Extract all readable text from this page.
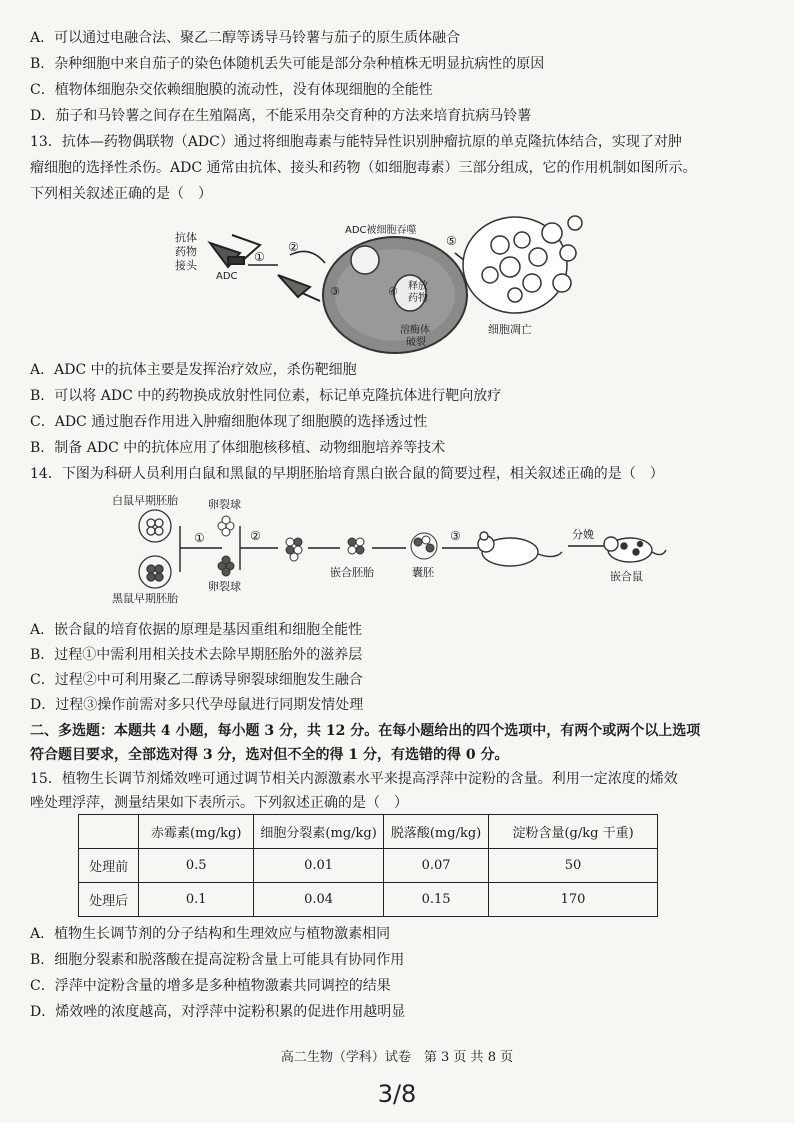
A．可以通过电融合法、聚乙二醇等诱导马铃薯与茄子的原生质体融合
B．杂种细胞中来自茄子的染色体随机丢失可能是部分杂种植株无明显抗病性的原因
C．植物体细胞杂交依赖细胞膜的流动性，没有体现细胞的全能性
D．茄子和马铃薯之间存在生殖隔离，不能采用杂交育种的方法来培育抗病马铃薯
13．抗体—药物偶联物（ADC）通过将细胞毒素与能特异性识别肿瘤抗原的单克隆抗体结合，实现了对肿
瘤细胞的选择性杀伤。ADC 通常由抗体、接头和药物（如细胞毒素）三部分组成，它的作用机制如图所示。
下列相关叙述正确的是（　）
抗体
药物
接头
ADC
①
②
③	④ 释放
药物
溶酶体
破裂
ADC被细胞吞噬
⑤
细胞凋亡
A．ADC 中的抗体主要是发挥治疗效应，杀伤靶细胞
B．可以将 ADC 中的药物换成放射性同位素，标记单克隆抗体进行靶向放疗
C．ADC 通过胞吞作用进入肿瘤细胞体现了细胞膜的选择透过性
B．制备 ADC 中的抗体应用了体细胞核移植、动物细胞培养等技术
14．下图为科研人员利用白鼠和黑鼠的早期胚胎培育黑白嵌合鼠的简要过程，相关叙述正确的是（　）
白鼠早期胚胎
黑鼠早期胚胎
①
卵裂球
卵裂球
②
嵌合胚胎	囊胚
③	分娩
嵌合鼠
A．嵌合鼠的培育依据的原理是基因重组和细胞全能性
B．过程①中需利用相关技术去除早期胚胎外的滋养层
C．过程②中可利用聚乙二醇诱导卵裂球细胞发生融合
D．过程③操作前需对多只代孕母鼠进行同期发情处理
二、多选题：本题共 4 小题，每小题 3 分，共 12 分。在每小题给出的四个选项中，有两个或两个以上选项
符合题目要求，全部选对得 3 分，选对但不全的得 1 分，有选错的得 0 分。
15．植物生长调节剂烯效唑可通过调节相关内源激素水平来提高浮萍中淀粉的含量。利用一定浓度的烯效
唑处理浮萍，测量结果如下表所示。下列叙述正确的是（　）
	赤霉素(mg/kg)	细胞分裂素(mg/kg)	脱落酸(mg/kg)	淀粉含量(g/kg 干重)
处理前	0.5	0.01	0.07	50
处理后	0.1	0.04	0.15	170
A．植物生长调节剂的分子结构和生理效应与植物激素相同
B．细胞分裂素和脱落酸在提高淀粉含量上可能具有协同作用
C．浮萍中淀粉含量的增多是多种植物激素共同调控的结果
D．烯效唑的浓度越高，对浮萍中淀粉积累的促进作用越明显
高二生物（学科）试卷　第 3 页 共 8 页
3/8
